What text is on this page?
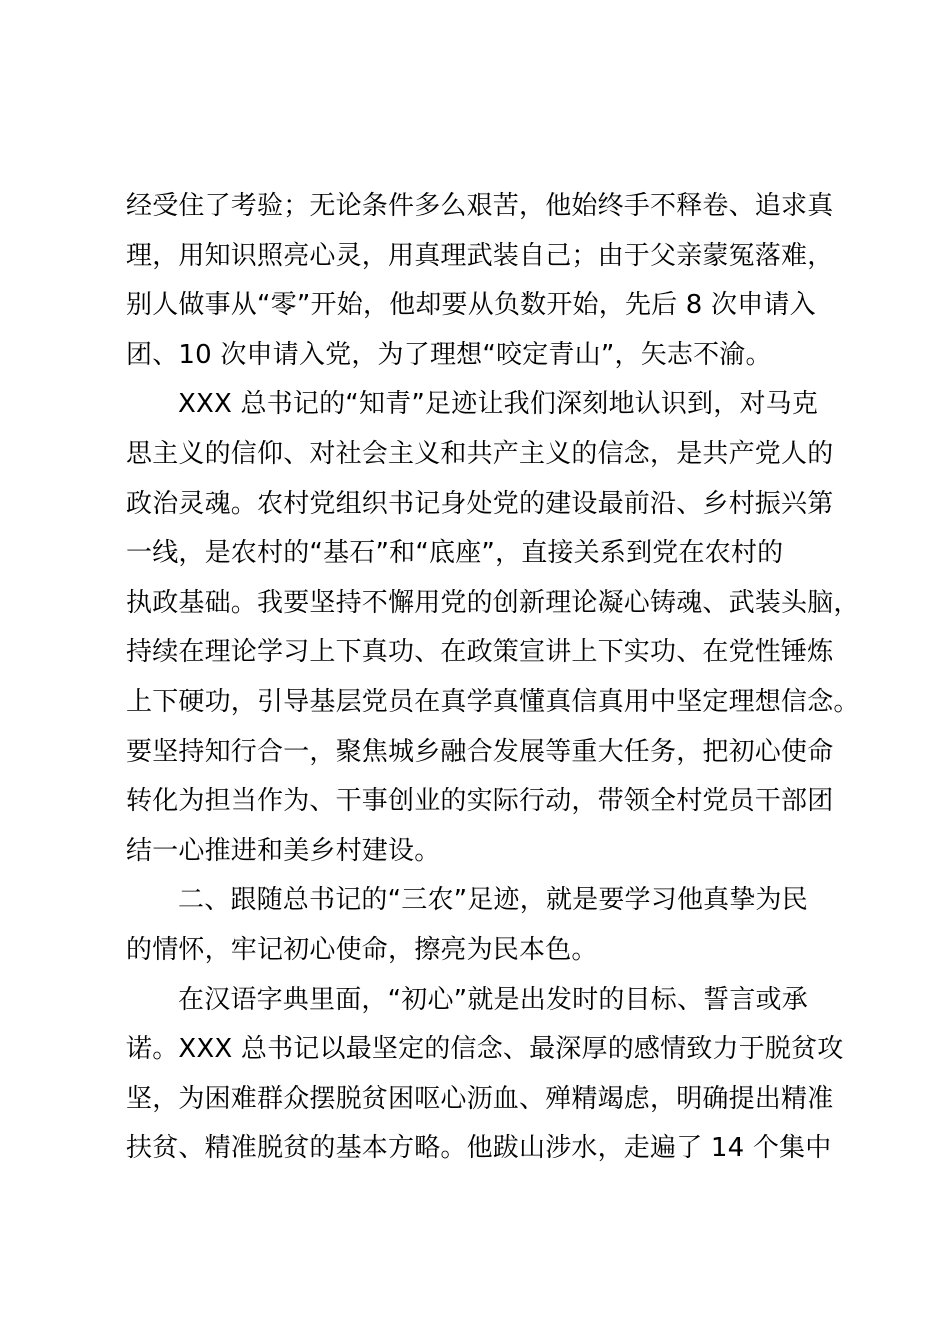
经受住了考验；无论条件多么艰苦，他始终手不释卷、追求真
理，用知识照亮心灵，用真理武装自己；由于父亲蒙冤落难，
别人做事从“零”开始，他却要从负数开始，先后 8 次申请入
团、10 次申请入党，为了理想“咬定青山”，矢志不渝。
XXX 总书记的“知青”足迹让我们深刻地认识到，对马克
思主义的信仰、对社会主义和共产主义的信念，是共产党人的
政治灵魂。农村党组织书记身处党的建设最前沿、乡村振兴第
一线，是农村的“基石”和“底座”，直接关系到党在农村的
执政基础。我要坚持不懈用党的创新理论凝心铸魂、武装头脑，
持续在理论学习上下真功、在政策宣讲上下实功、在党性锤炼
上下硬功，引导基层党员在真学真懂真信真用中坚定理想信念。
要坚持知行合一，聚焦城乡融合发展等重大任务，把初心使命
转化为担当作为、干事创业的实际行动，带领全村党员干部团
结一心推进和美乡村建设。
二、跟随总书记的“三农”足迹，就是要学习他真挚为民
的情怀，牢记初心使命，擦亮为民本色。
在汉语字典里面，“初心”就是出发时的目标、誓言或承
诺。XXX 总书记以最坚定的信念、最深厚的感情致力于脱贫攻
坚，为困难群众摆脱贫困呕心沥血、殚精竭虑，明确提出精准
扶贫、精准脱贫的基本方略。他跋山涉水，走遍了 14 个集中
